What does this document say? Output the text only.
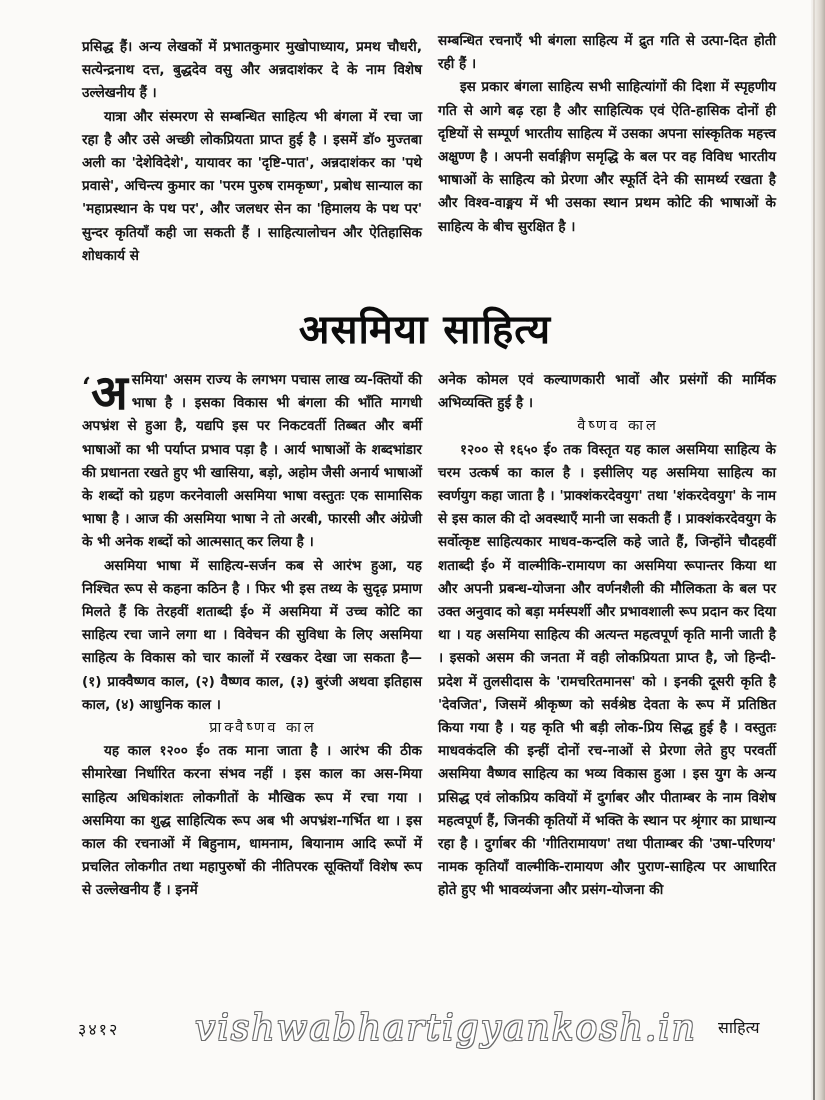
प्रसिद्ध हैं। अन्य लेखकों में प्रभातकुमार मुखोपाध्याय, प्रमथ चौधरी, सत्येन्द्रनाथ दत्त, बुद्धदेव वसु और अन्नदाशंकर दे के नाम विशेष उल्लेखनीय हैं ।

यात्रा और संस्मरण से सम्बन्धित साहित्य भी बंगला में रचा जा रहा है और उसे अच्छी लोकप्रियता प्राप्त हुई है । इसमें डॉ० मुज्तबा अली का 'देशेविदेशे', यायावर का 'दृष्टि-पात', अन्नदाशंकर का 'पथे प्रवासे', अचिन्त्य कुमार का 'परम पुरुष रामकृष्ण', प्रबोध सान्याल का 'महाप्रस्थान के पथ पर', और जलधर सेन का 'हिमालय के पथ पर' सुन्दर कृतियाँ कही जा सकती हैं । साहित्यालोचन और ऐतिहासिक शोधकार्य से

सम्बन्धित रचनाएँ भी बंगला साहित्य में द्रुत गति से उत्पा-दित होती रही हैं ।

इस प्रकार बंगला साहित्य सभी साहित्यांगों की दिशा में स्पृहणीय गति से आगे बढ़ रहा है और साहित्यिक एवं ऐति-हासिक दोनों ही दृष्टियों से सम्पूर्ण भारतीय साहित्य में उसका अपना सांस्कृतिक महत्त्व अक्षुण्ण है । अपनी सर्वाङ्गीण समृद्धि के बल पर वह विविध भारतीय भाषाओं के साहित्य को प्रेरणा और स्फूर्ति देने की सामर्थ्य रखता है और विश्व-वाङ्मय में भी उसका स्थान प्रथम कोटि की भाषाओं के साहित्य के बीच सुरक्षित है ।

असमिया साहित्य

‘ अ समिया' असम राज्य के लगभग पचास लाख व्य-क्तियों की भाषा है । इसका विकास भी बंगला की भाँति मागधी अपभ्रंश से हुआ है, यद्यपि इस पर निकटवर्ती तिब्बत और बर्मी भाषाओं का भी पर्याप्त प्रभाव पड़ा है । आर्य भाषाओं के शब्दभांडार की प्रधानता रखते हुए भी खासिया, बड़ो, अहोम जैसी अनार्य भाषाओं के शब्दों को ग्रहण करनेवाली असमिया भाषा वस्तुतः एक सामासिक भाषा है । आज की असमिया भाषा ने तो अरबी, फारसी और अंग्रेजी के भी अनेक शब्दों को आत्मसात् कर लिया है ।

असमिया भाषा में साहित्य-सर्जन कब से आरंभ हुआ, यह निश्चित रूप से कहना कठिन है । फिर भी इस तथ्य के सुदृढ़ प्रमाण मिलते हैं कि तेरहवीं शताब्दी ई० में असमिया में उच्च कोटि का साहित्य रचा जाने लगा था । विवेचन की सुविधा के लिए असमिया साहित्य के विकास को चार कालों में रखकर देखा जा सकता है— (१) प्राक्वैष्णव काल, (२) वैष्णव काल, (३) बुरंजी अथवा इतिहास काल, (४) आधुनिक काल ।

प्राक्वैष्णव काल

यह काल १२०० ई० तक माना जाता है । आरंभ की ठीक सीमारेखा निर्धारित करना संभव नहीं । इस काल का अस-मिया साहित्य अधिकांशतः लोकगीतों के मौखिक रूप में रचा गया । असमिया का शुद्ध साहित्यिक रूप अब भी अपभ्रंश-गर्भित था । इस काल की रचनाओं में बिहुनाम, धामनाम, बियानाम आदि रूपों में प्रचलित लोकगीत तथा महापुरुषों की नीतिपरक सूक्तियाँ विशेष रूप से उल्लेखनीय हैं । इनमें

अनेक कोमल एवं कल्याणकारी भावों और प्रसंगों की मार्मिक अभिव्यक्ति हुई है ।

वैष्णव काल

१२०० से १६५० ई० तक विस्तृत यह काल असमिया साहित्य के चरम उत्कर्ष का काल है । इसीलिए यह असमिया साहित्य का स्वर्णयुग कहा जाता है । 'प्राक्शंकरदेवयुग' तथा 'शंकरदेवयुग' के नाम से इस काल की दो अवस्थाएँ मानी जा सकती हैं । प्राक्शंकरदेवयुग के सर्वोत्कृष्ट साहित्यकार माधव-कन्दलि कहे जाते हैं, जिन्होंने चौदहवीं शताब्दी ई० में वाल्मीकि-रामायण का असमिया रूपान्तर किया था और अपनी प्रबन्ध-योजना और वर्णनशैली की मौलिकता के बल पर उक्त अनुवाद को बड़ा मर्मस्पर्शी और प्रभावशाली रूप प्रदान कर दिया था । यह असमिया साहित्य की अत्यन्त महत्वपूर्ण कृति मानी जाती है । इसको असम की जनता में वही लोकप्रियता प्राप्त है, जो हिन्दी-प्रदेश में तुलसीदास के 'रामचरितमानस' को । इनकी दूसरी कृति है 'देवजित', जिसमें श्रीकृष्ण को सर्वश्रेष्ठ देवता के रूप में प्रतिष्ठित किया गया है । यह कृति भी बड़ी लोक-प्रिय सिद्ध हुई है । वस्तुतः माधवकंदलि की इन्हीं दोनों रच-नाओं से प्रेरणा लेते हुए परवर्ती असमिया वैष्णव साहित्य का भव्य विकास हुआ । इस युग के अन्य प्रसिद्ध एवं लोकप्रिय कवियों में दुर्गाबर और पीताम्बर के नाम विशेष महत्वपूर्ण हैं, जिनकी कृतियों में भक्ति के स्थान पर श्रृंगार का प्राधान्य रहा है । दुर्गाबर की 'गीतिरामायण' तथा पीताम्बर की 'उषा-परिणय' नामक कृतियाँ वाल्मीकि-रामायण और पुराण-साहित्य पर आधारित होते हुए भी भावव्यंजना और प्रसंग-योजना की

३४१२ vishwabhartigyankosh.in साहित्य
